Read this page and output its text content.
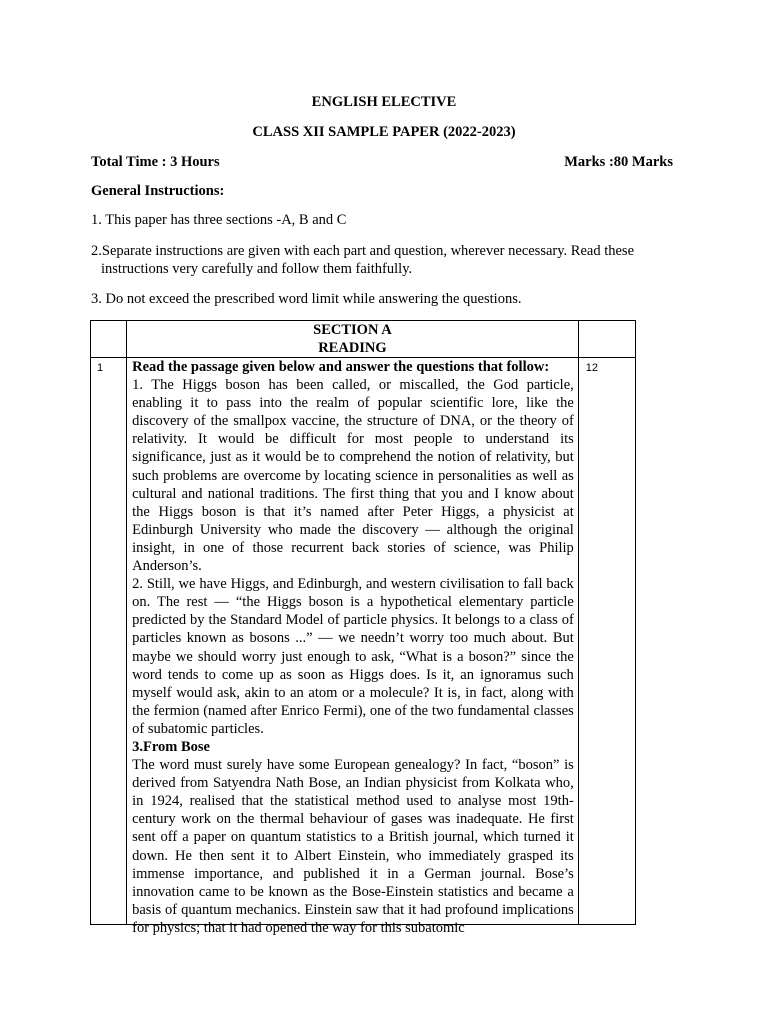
ENGLISH ELECTIVE
CLASS XII SAMPLE PAPER (2022-2023)
Total Time : 3 Hours	Marks :80 Marks
General Instructions:
1. This paper has three sections -A, B and C
2.Separate instructions are given with each part and question, wherever necessary. Read these
instructions very carefully and follow them faithfully.
3. Do not exceed the prescribed word limit while answering the questions.

	SECTION A
READING	

1	Read the passage given below and answer the questions that follow:

1. The Higgs boson has been called, or miscalled, the God particle, enabling it to pass into the realm of popular scientific lore, like the discovery of the smallpox vaccine, the structure of DNA, or the theory of relativity. It would be difficult for most people to understand its significance, just as it would be to comprehend the notion of relativity, but such problems are overcome by locating science in personalities as well as cultural and national traditions. The first thing that you and I know about the Higgs boson is that it’s named after Peter Higgs, a physicist at Edinburgh University who made the discovery — although the original insight, in one of those recurrent back stories of science, was Philip Anderson’s.

2. Still, we have Higgs, and Edinburgh, and western civilisation to fall back on. The rest — “the Higgs boson is a hypothetical elementary particle predicted by the Standard Model of particle physics. It belongs to a class of particles known as bosons ...” — we needn’t worry too much about. But maybe we should worry just enough to ask, “What is a boson?” since the word tends to come up as soon as Higgs does. Is it, an ignoramus such myself would ask, akin to an atom or a molecule? It is, in fact, along with the fermion (named after Enrico Fermi), one of the two fundamental classes of subatomic particles.

3.From Bose

The word must surely have some European genealogy? In fact, “boson” is derived from Satyendra Nath Bose, an Indian physicist from Kolkata who, in 1924, realised that the statistical method used to analyse most 19th-century work on the thermal behaviour of gases was inadequate. He first sent off a paper on quantum statistics to a British journal, which turned it down. He then sent it to Albert Einstein, who immediately grasped its immense importance, and published it in a German journal. Bose’s innovation came to be known as the Bose-Einstein statistics and became a basis of quantum mechanics. Einstein saw that it had profound implications for physics; that it had opened the way for this subatomic	12
